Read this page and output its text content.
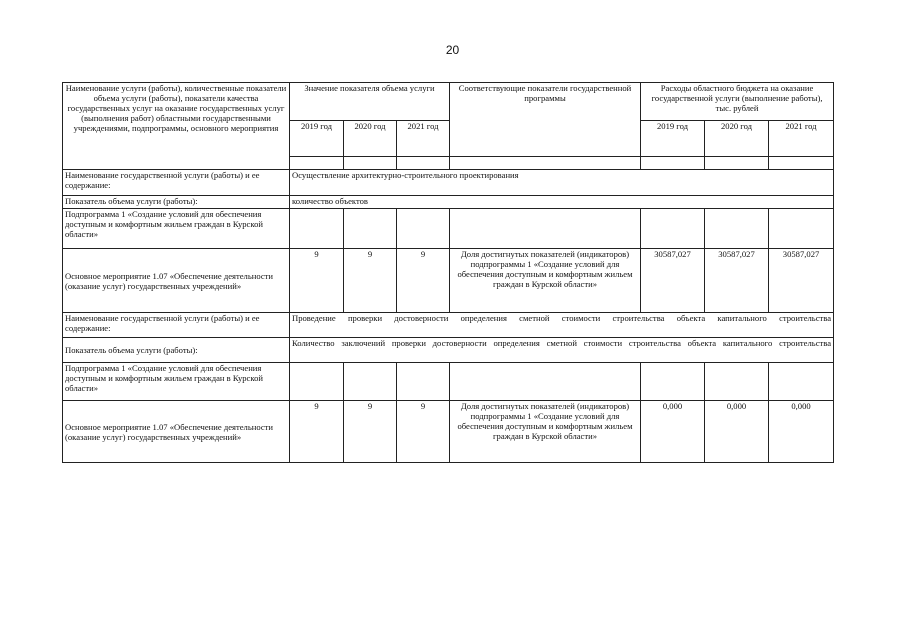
20
Наименование услуги (работы), количественные показатели объема услуги (работы), показатели качества государственных услуг на оказание государственных услуг (выполнения работ) областными государственными учреждениями, подпрограммы, основного мероприятия	Значение показателя объема услуги			Соответствующие показатели государственной программы	Расходы областного бюджета на оказание государственной услуги (выполнение работы), тыс. рублей		
	2019 год	2020 год	2021 год		2019 год	2020 год	2021 год

Наименование государственной услуги (работы) и ее содержание:	Осуществление архитектурно-строительного проектирования						
Показатель объема услуги (работы):	количество объектов						
Подпрограмма 1 «Создание условий для обеспечения доступным и комфортным жильем граждан в Курской области»							
Основное мероприятие 1.07 «Обеспечение деятельности (оказание услуг) государственных учреждений»	9	9	9	Доля достигнутых показателей (индикаторов) подпрограммы 1 «Создание условий для обеспечения доступным и комфортным жильем граждан в Курской области»	30587,027	30587,027	30587,027
Наименование государственной услуги (работы) и ее содержание:	Проведение проверки достоверности определения сметной стоимости строительства объекта капитального строительства						
Показатель объема услуги (работы):	Количество заключений проверки достоверности определения сметной стоимости строительства объекта капитального строительства						
Подпрограмма 1 «Создание условий для обеспечения доступным и комфортным жильем граждан в Курской области»							
Основное мероприятие 1.07 «Обеспечение деятельности (оказание услуг) государственных учреждений»	9	9	9	Доля достигнутых показателей (индикаторов) подпрограммы 1 «Создание условий для обеспечения доступным и комфортным жильем граждан в Курской области»	0,000	0,000	0,000
